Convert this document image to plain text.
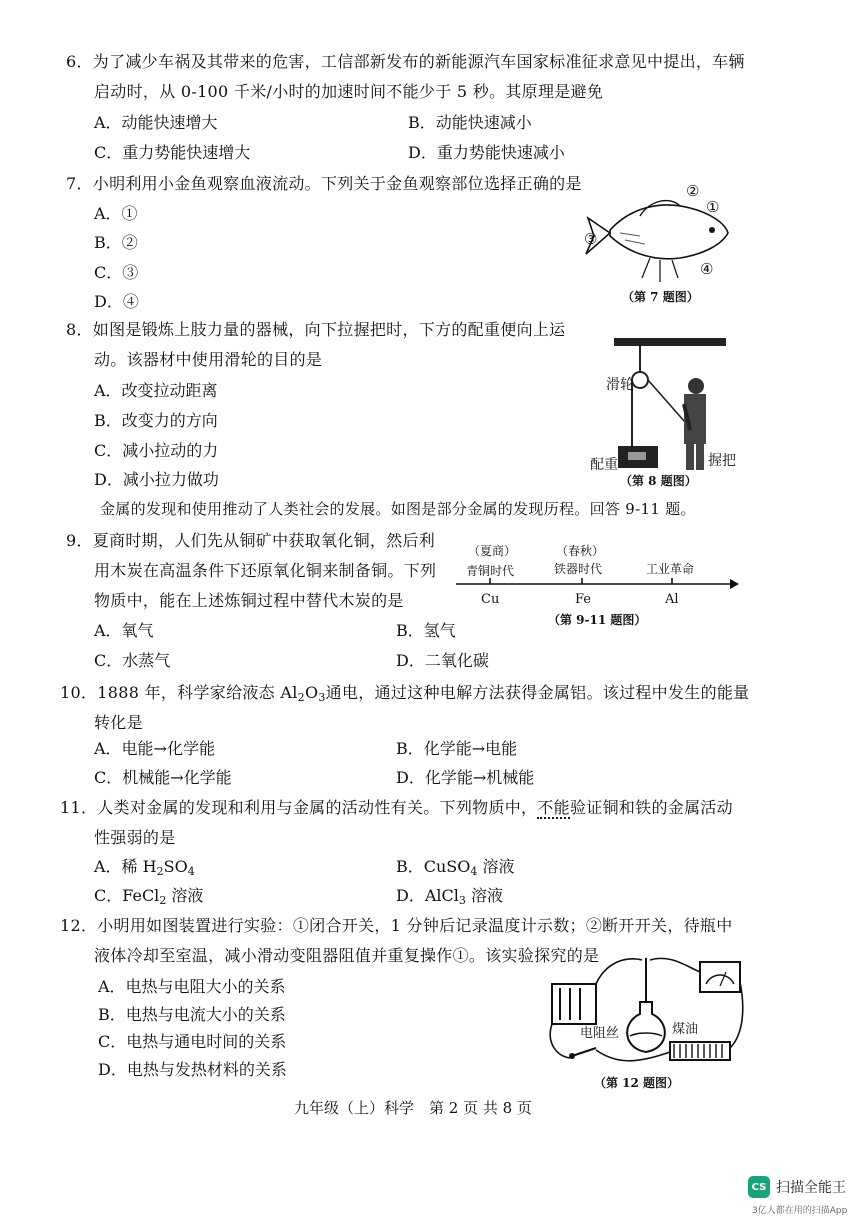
6．为了减少车祸及其带来的危害，工信部新发布的新能源汽车国家标准征求意见中提出，车辆
启动时，从 0-100 千米/小时的加速时间不能少于 5 秒。其原理是避免
A．动能快速增大	B．动能快速减小
C．重力势能快速增大	D．重力势能快速减小
7．小明利用小金鱼观察血液流动。下列关于金鱼观察部位选择正确的是
A．①
B．②
C．③
D．④
②
①
③
④
（第 7 题图）
8．如图是锻炼上肢力量的器械，向下拉握把时，下方的配重便向上运
动。该器材中使用滑轮的目的是
A．改变拉动距离
B．改变力的方向
C．减小拉动的力
D．减小拉力做功
滑轮
配重	握把
（第 8 题图）
金属的发现和使用推动了人类社会的发展。如图是部分金属的发现历程。回答 9-11 题。
9．夏商时期，人们先从铜矿中获取氧化铜，然后利
用木炭在高温条件下还原氧化铜来制备铜。下列
物质中，能在上述炼铜过程中替代木炭的是
A．氧气	B．氢气
C．水蒸气	D．二氧化碳
（夏商）	（春秋）
青铜时代	铁器时代	工业革命
Cu	Fe	Al
（第 9-11 题图）
10．1888 年，科学家给液态 $Al_2O_3$通电，通过这种电解方法获得金属铝。该过程中发生的能量
转化是
A．电能→化学能	B．化学能→电能
C．机械能→化学能	D．化学能→机械能
11．人类对金属的发现和利用与金属的活动性有关。下列物质中，不能验证铜和铁的金属活动
性强弱的是
A．稀 $H_2SO_4$	B．CuSO$_4$ 溶液
C．FeCl$_2$ 溶液	D．AlCl$_3$ 溶液
12．小明用如图装置进行实验：①闭合开关，1 分钟后记录温度计示数；②断开开关，待瓶中
液体冷却至室温，减小滑动变阻器阻值并重复操作①。该实验探究的是
A．电热与电阻大小的关系
B．电热与电流大小的关系
C．电热与通电时间的关系
D．电热与发热材料的关系
电阻丝	煤油
（第 12 题图）
九年级（上）科学　第 2 页 共 8 页
CS 扫描全能王
3亿人都在用的扫描App
